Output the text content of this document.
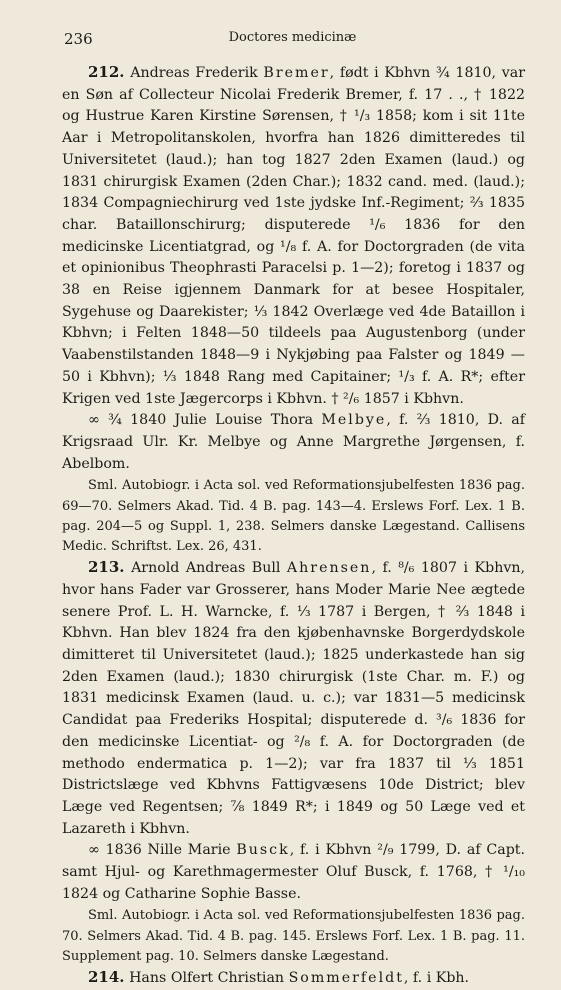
236	Doctores medicinæ

212. Andreas Frederik Bremer, født i Kbhvn ¾ 1810, var en Søn af Collecteur Nicolai Frederik Bremer, f. 17 . ., † 1822 og Hustrue Karen Kirstine Sørensen, † ¹/₃ 1858; kom i sit 11te Aar i Metropolitanskolen, hvorfra han 1826 dimitteredes til Universitetet (laud.); han tog 1827 2den Examen (laud.) og 1831 chirurgisk Examen (2den Char.); 1832 cand. med. (laud.); 1834 Compagniechirurg ved 1ste jydske Inf.-Regiment; ²⁄₃ 1835 char. Bataillonschirurg; disputerede ¹/₆ 1836 for den medicinske Licentiatgrad, og ¹/₈ f. A. for Doctorgraden (de vita et opinionibus Theophrasti Paracelsi p. 1—2); foretog i 1837 og 38 en Reise igjennem Danmark for at besee Hospitaler, Sygehuse og Daarekister; ⅓ 1842 Overlæge ved 4de Bataillon i Kbhvn; i Felten 1848—50 tildeels paa Augustenborg (under Vaabenstilstanden 1848—9 i Nykjøbing paa Falster og 1849 —50 i Kbhvn); ⅓ 1848 Rang med Capitainer; ¹/₃ f. A. R*; efter Krigen ved 1ste Jægercorps i Kbhvn. † ²/₆ 1857 i Kbhvn.

∞ ¾ 1840 Julie Louise Thora Melbye, f. ⅔ 1810, D. af Krigsraad Ulr. Kr. Melbye og Anne Margrethe Jørgensen, f. Abelbom.

Sml. Autobiogr. i Acta sol. ved Reformationsjubelfesten 1836 pag. 69—70. Selmers Akad. Tid. 4 B. pag. 143—4. Erslews Forf. Lex. 1 B. pag. 204—5 og Suppl. 1, 238. Selmers danske Lægestand. Callisens Medic. Schriftst. Lex. 26, 431.

213. Arnold Andreas Bull Ahrensen, f. ⁸/₆ 1807 i Kbhvn, hvor hans Fader var Grosserer, hans Moder Marie Nee ægtede senere Prof. L. H. Warncke, f. ⅓ 1787 i Bergen, † ²⁄₃ 1848 i Kbhvn. Han blev 1824 fra den kjøbenhavnske Borgerdydskole dimitteret til Universitetet (laud.); 1825 underkastede han sig 2den Examen (laud.); 1830 chirurgisk (1ste Char. m. F.) og 1831 medicinsk Examen (laud. u. c.); var 1831—5 medicinsk Candidat paa Frederiks Hospital; disputerede d. ³/₆ 1836 for den medicinske Licentiat- og ²/₈ f. A. for Doctorgraden (de methodo endermatica p. 1—2); var fra 1837 til ⅓ 1851 Districtslæge ved Kbhvns Fattigvæsens 10de District; blev Læge ved Regentsen; ⅞ 1849 R*; i 1849 og 50 Læge ved et Lazareth i Kbhvn.

∞ 1836 Nille Marie Busck, f. i Kbhvn ²/₉ 1799, D. af Capt. samt Hjul- og Karethmagermester Oluf Busck, f. 1768, † ¹/₁₀ 1824 og Catharine Sophie Basse.

Sml. Autobiogr. i Acta sol. ved Reformationsjubelfesten 1836 pag. 70. Selmers Akad. Tid. 4 B. pag. 145. Erslews Forf. Lex. 1 B. pag. 11. Supplement pag. 10. Selmers danske Lægestand.

214. Hans Olfert Christian Sommerfeldt, f. i Kbh.
